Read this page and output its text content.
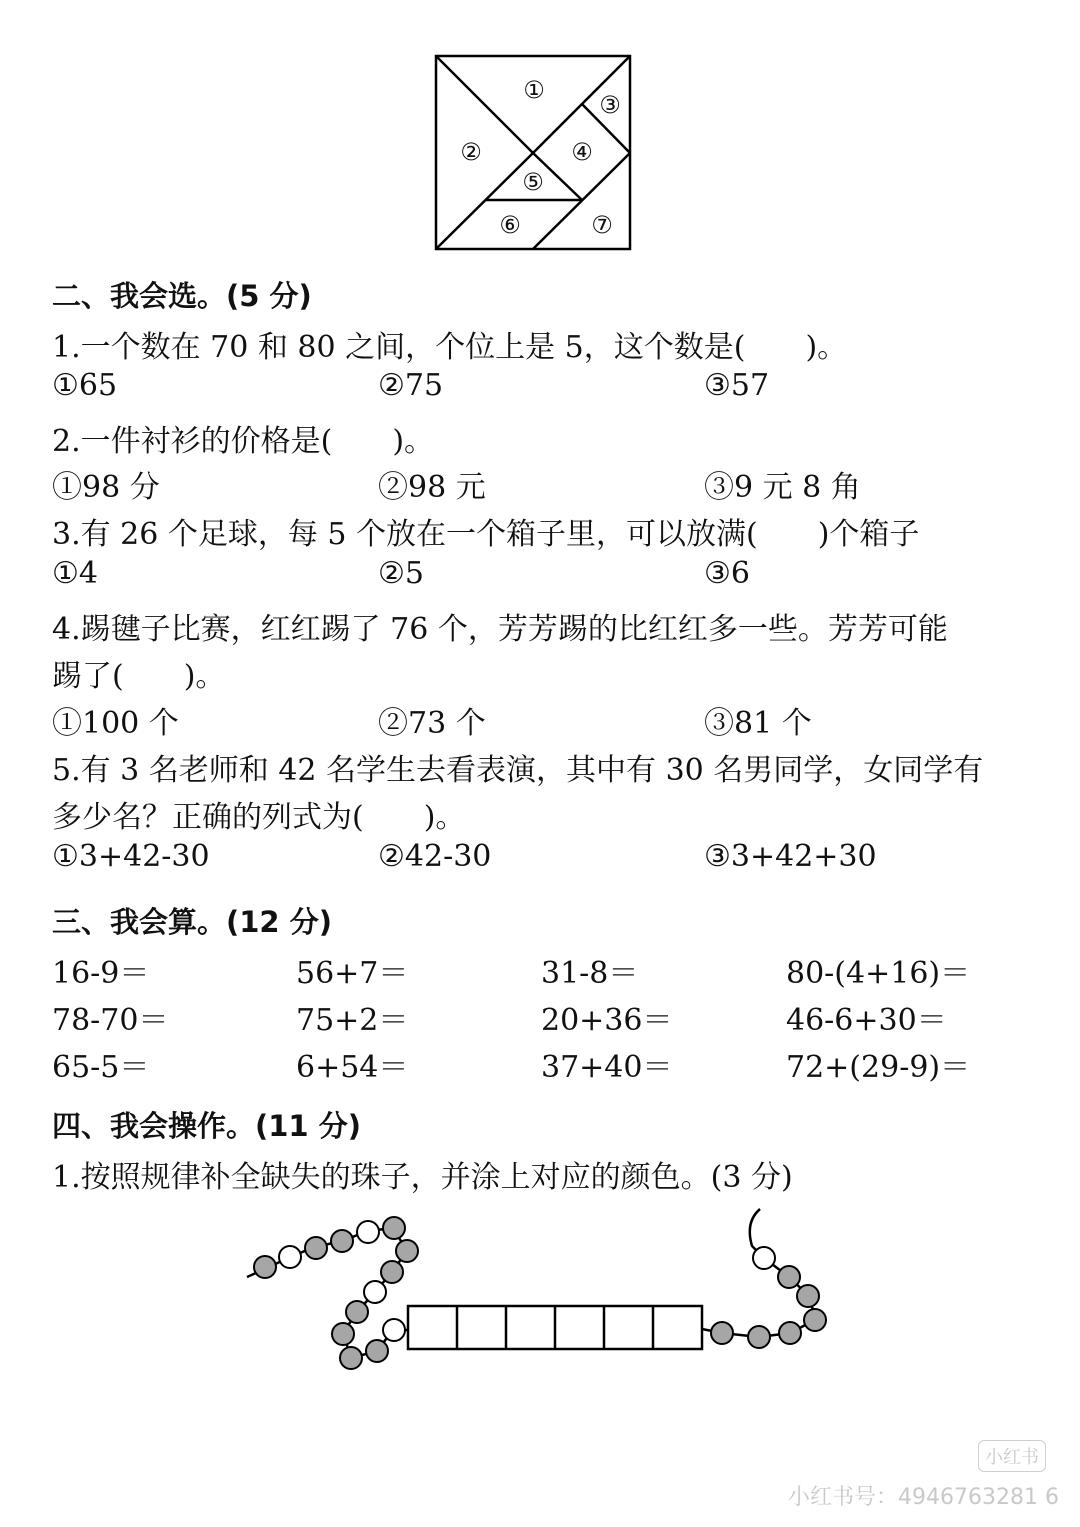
①
②
③
④
⑤
⑥	⑦
二、我会选。(5 分)
1.一个数在 70 和 80 之间，个位上是 5，这个数是(　　)。
①65	②75	③57
2.一件衬衫的价格是(　　)。
①98 分	②98 元	③9 元 8 角
3.有 26 个足球，每 5 个放在一个箱子里，可以放满(　　)个箱子
①4	②5	③6
4.踢毽子比赛，红红踢了 76 个，芳芳踢的比红红多一些。芳芳可能
踢了(　　)。
①100 个	②73 个	③81 个
5.有 3 名老师和 42 名学生去看表演，其中有 30 名男同学，女同学有
多少名？正确的列式为(　　)。
①3+42-30	②42-30	③3+42+30
三、我会算。(12 分)
16-9＝	56+7＝	31-8＝	80-(4+16)＝
78-70＝	75+2＝	20+36＝	46-6+30＝
65-5＝	6+54＝	37+40＝	72+(29-9)＝
四、我会操作。(11 分)
1.按照规律补全缺失的珠子，并涂上对应的颜色。(3 分)
小红书
小红书号：4946763281 6
